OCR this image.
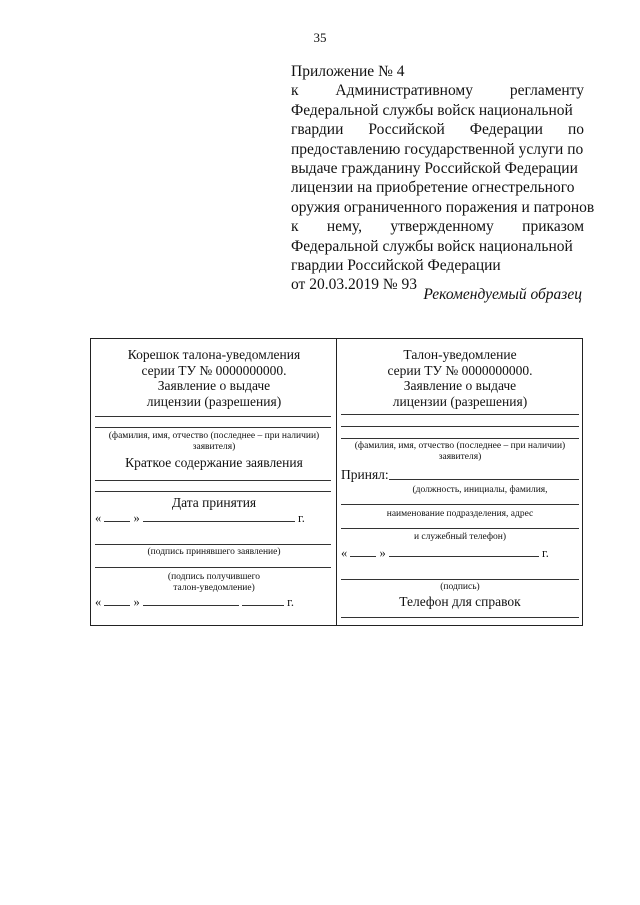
35
Приложение № 4
к Административному регламенту
Федеральной службы войск национальной
гвардии Российской Федерации по
предоставлению государственной услуги по
выдаче гражданину Российской Федерации
лицензии на приобретение огнестрельного
оружия ограниченного поражения и патронов
к нему, утвержденному приказом
Федеральной службы войск национальной
гвардии Российской Федерации
от 20.03.2019 № 93
Рекомендуемый образец
Корешок талона-уведомления
серии ТУ № 0000000000.
Заявление о выдаче
лицензии (разрешения)
(фамилия, имя, отчество (последнее – при наличии) заявителя)
Краткое содержание заявления
Дата принятия
«	»	г.
(подпись принявшего заявление)
(подпись получившего
талон-уведомление)
«	»	г.
Талон-уведомление
серии ТУ № 0000000000.
Заявление о выдаче
лицензии (разрешения)
(фамилия, имя, отчество (последнее – при наличии) заявителя)
Принял:
(должность, инициалы, фамилия,
наименование подразделения, адрес
и служебный телефон)
«	»	г.
(подпись)
Телефон для справок
